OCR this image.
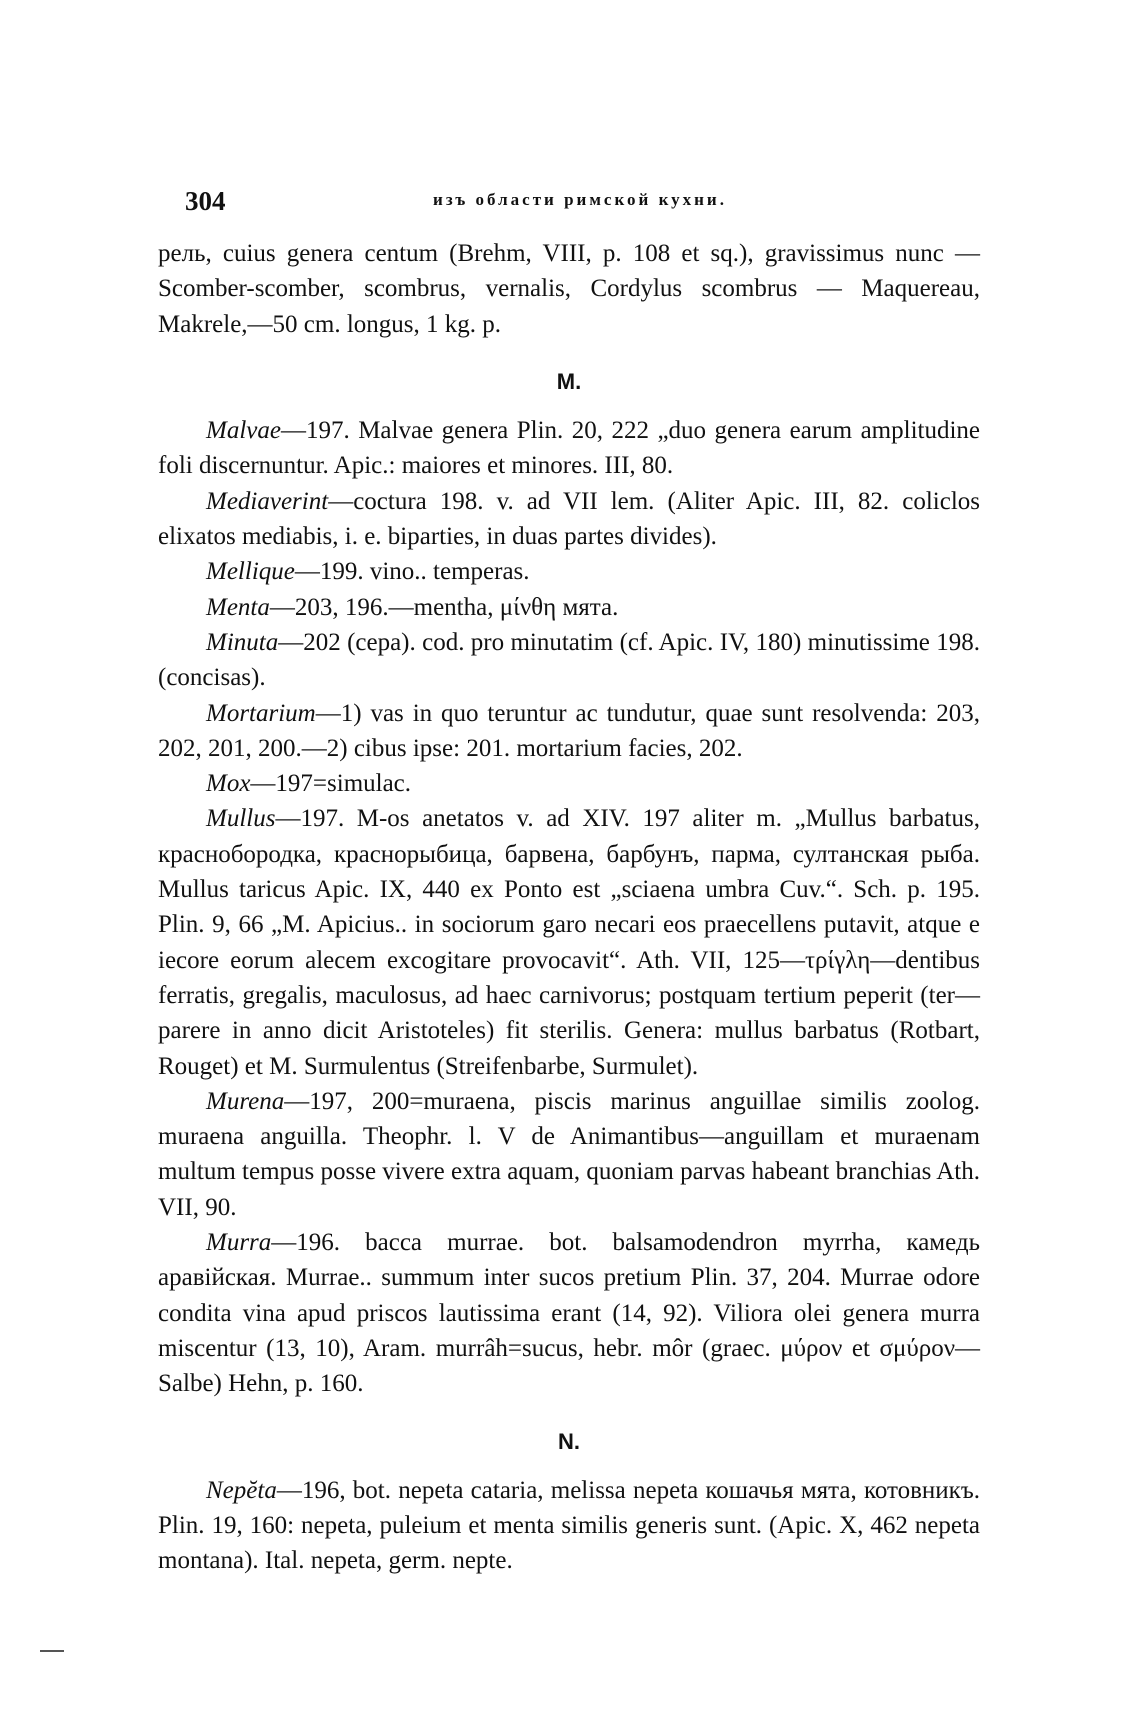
304	изъ области римской кухни.

рель, cuius genera centum (Brehm, VIII, p. 108 et sq.), gravissimus nunc — Scomber-scomber, scombrus, vernalis, Cordylus scombrus — Maquereau, Makrele,—50 cm. longus, 1 kg. p.

M.

Malvae—197. Malvae genera Plin. 20, 222 „duo genera earum amplitudine foli discernuntur. Apic.: maiores et minores. III, 80.

Mediaverint—coctura 198. v. ad VII lem. (Aliter Apic. III, 82. coliclos elixatos mediabis, i. e. biparties, in duas partes divides).

Mellique—199. vino.. temperas.

Menta—203, 196.—mentha, μίνθη мята.

Minuta—202 (cepa). cod. pro minutatim (cf. Apic. IV, 180) minutissime 198. (concisas).

Mortarium—1) vas in quo teruntur ac tundutur, quae sunt resolvenda: 203, 202, 201, 200.—2) cibus ipse: 201. mortarium facies, 202.

Mox—197=simulac.

Mullus—197. M-os anetatos v. ad XIV. 197 aliter m. „Mullus barbatus, краснобородка, краснорыбица, барвена, барбунъ, парма, султанская рыба. Mullus taricus Apic. IX, 440 ex Ponto est „sciaena umbra Cuv.“. Sch. p. 195. Plin. 9, 66 „M. Apicius.. in sociorum garo necari eos praecellens putavit, atque e iecore eorum alecem excogitare provocavit“. Ath. VII, 125—τρίγλη—dentibus ferratis, gregalis, maculosus, ad haec carnivorus; postquam tertium peperit (ter—parere in anno dicit Aristoteles) fit sterilis. Genera: mullus barbatus (Rotbart, Rouget) et M. Surmulentus (Streifenbarbe, Surmulet).

Murena—197, 200=muraena, piscis marinus anguillae similis zoolog. muraena anguilla. Theophr. l. V de Animantibus—anguillam et muraenam multum tempus posse vivere extra aquam, quoniam parvas habeant branchias Ath. VII, 90.

Murra—196. bacca murrae. bot. balsamodendron myrrha, камедь аравійская. Murrae.. summum inter sucos pretium Plin. 37, 204. Murrae odore condita vina apud priscos lautissima erant (14, 92). Viliora olei genera murra miscentur (13, 10), Aram. murrâh=sucus, hebr. môr (graec. μύρον et σμύρον—Salbe) Hehn, p. 160.

N.

Nepĕta—196, bot. nepeta cataria, melissa nepeta кошачья мята, котовникъ. Plin. 19, 160: nepeta, puleium et menta similis generis sunt. (Apic. X, 462 nepeta montana). Ital. nepeta, germ. nepte.
